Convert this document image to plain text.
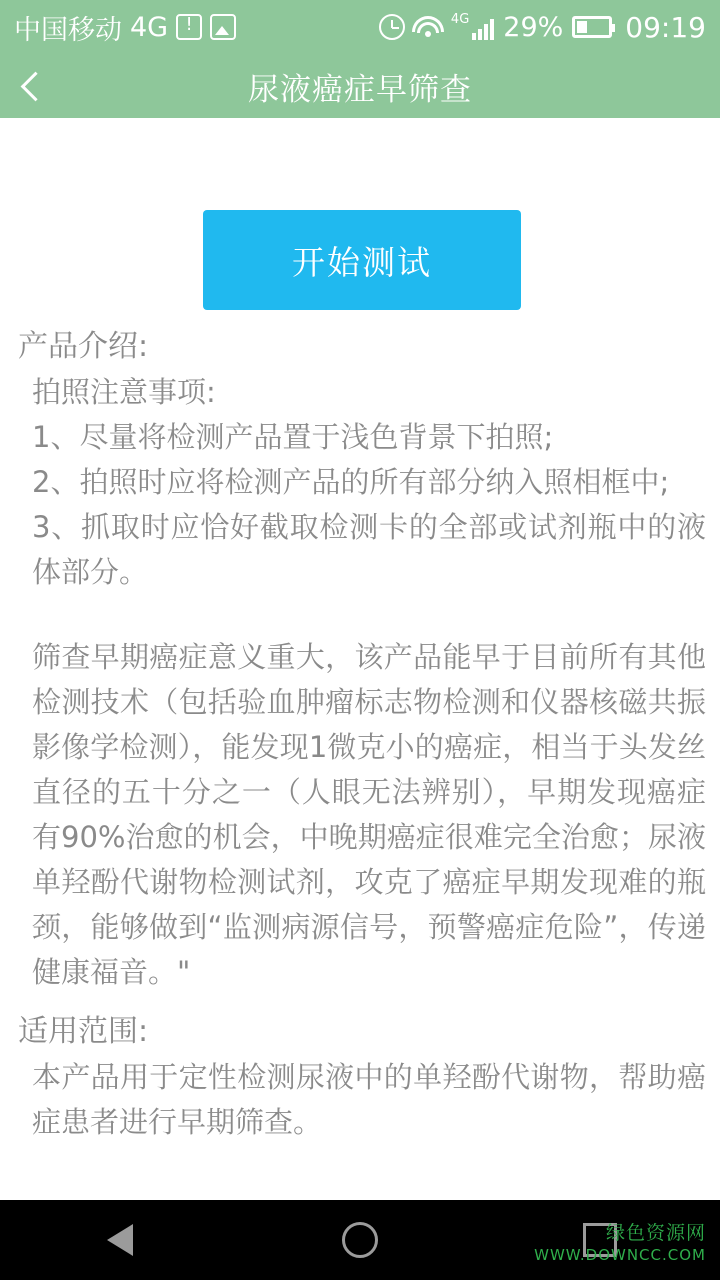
中国移动 4G !	4G 29% 09:19
尿液癌症早筛查
开始测试
产品介绍:

拍照注意事项:

1、尽量将检测产品置于浅色背景下拍照;

2、拍照时应将检测产品的所有部分纳入照相框中;

3、抓取时应恰好截取检测卡的全部或试剂瓶中的液体部分。

筛查早期癌症意义重大，该产品能早于目前所有其他检测技术（包括验血肿瘤标志物检测和仪器核磁共振影像学检测），能发现1微克小的癌症，相当于头发丝直径的五十分之一（人眼无法辨别），早期发现癌症有90%治愈的机会，中晚期癌症很难完全治愈；尿液单羟酚代谢物检测试剂，攻克了癌症早期发现难的瓶颈，能够做到“监测病源信号，预警癌症危险”，传递健康福音。"

适用范围:

本产品用于定性检测尿液中的单羟酚代谢物，帮助癌症患者进行早期筛查。

绿色资源网
WWW.DOWNCC.COM
